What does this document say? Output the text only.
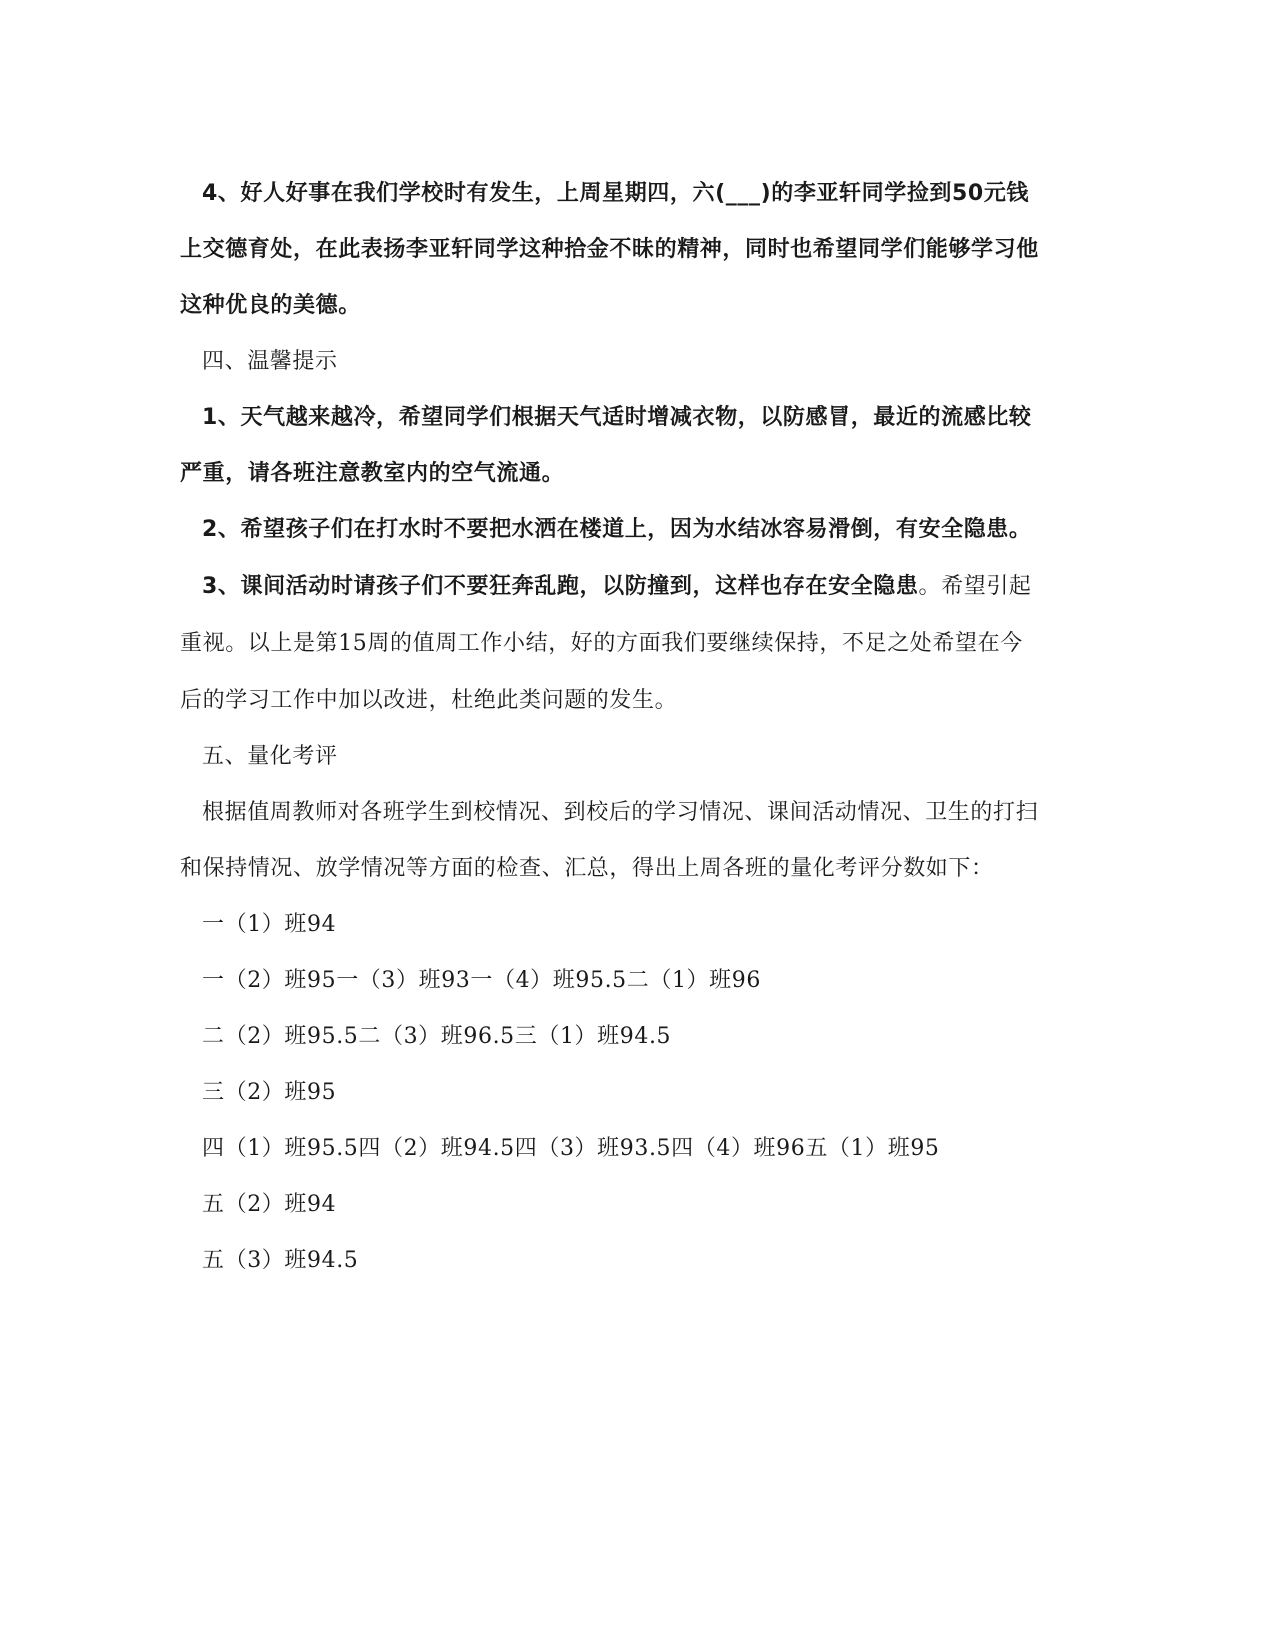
4、好人好事在我们学校时有发生，上周星期四，六(___)的李亚轩同学捡到50元钱上交德育处，在此表扬李亚轩同学这种拾金不昧的精神，同时也希望同学们能够学习他这种优良的美德。

四、温馨提示

1、天气越来越冷，希望同学们根据天气适时增减衣物，以防感冒，最近的流感比较严重，请各班注意教室内的空气流通。

2、希望孩子们在打水时不要把水洒在楼道上，因为水结冰容易滑倒，有安全隐患。

3、课间活动时请孩子们不要狂奔乱跑，以防撞到，这样也存在安全隐患。希望引起重视。以上是第15周的值周工作小结，好的方面我们要继续保持，不足之处希望在今后的学习工作中加以改进，杜绝此类问题的发生。

五、量化考评

根据值周教师对各班学生到校情况、到校后的学习情况、课间活动情况、卫生的打扫和保持情况、放学情况等方面的检查、汇总，得出上周各班的量化考评分数如下：

一（1）班94

一（2）班95一（3）班93一（4）班95.5二（1）班96

二（2）班95.5二（3）班96.5三（1）班94.5

三（2）班95

四（1）班95.5四（2）班94.5四（3）班93.5四（4）班96五（1）班95

五（2）班94

五（3）班94.5
